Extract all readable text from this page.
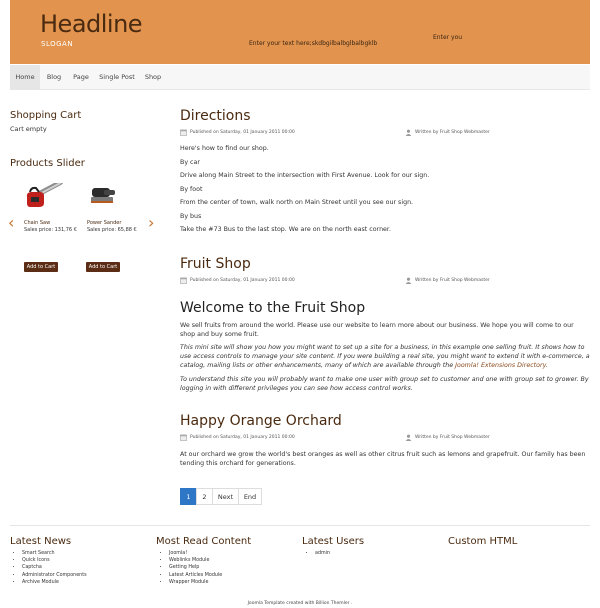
Headline
SLOGAN	Enter your text here;skdbgilbalbglbalbgklb
Enter you
Home	Blog	Page	Single Post	Shop
Shopping Cart
Cart empty
Products Slider
‹	›
Chain Saw
Sales price: 131,76 €
Power Sander
Sales price: 65,88 €
Add to Cart	Add to Cart
Directions
Published on Saturday, 01 January 2011 00:00	Written by Fruit Shop Webmaster
Here's how to find our shop.
By car
Drive along Main Street to the intersection with First Avenue. Look for our sign.
By foot
From the center of town, walk north on Main Street until you see our sign.
By bus
Take the #73 Bus to the last stop. We are on the north east corner.
Fruit Shop
Published on Saturday, 01 January 2011 00:00	Written by Fruit Shop Webmaster
Welcome to the Fruit Shop
We sell fruits from around the world. Please use our website to learn more about our business. We hope you will come to our shop and buy some fruit.
This mini site will show you how you might want to set up a site for a business, in this example one selling fruit. It shows how to use access controls to manage your site content. If you were building a real site, you might want to extend it with e-commerce, a catalog, mailing lists or other enhancements, many of which are available through the Joomla! Extensions Directory.
To understand this site you will probably want to make one user with group set to customer and one with group set to grower. By logging in with different privileges you can see how access control works.
Happy Orange Orchard
Published on Saturday, 01 January 2011 00:00	Written by Fruit Shop Webmaster
At our orchard we grow the world's best oranges as well as other citrus fruit such as lemons and grapefruit. Our family has been tending this orchard for generations.
1	2	Next	End
Latest News
• Smart Search
• Quick Icons
• Captcha
• Administrator Components
• Archive Module
Most Read Content
• Joomla!
• Weblinks Module
• Getting Help
• Latest Articles Module
• Wrapper Module
Latest Users
• admin
Custom HTML
Joomla Template created with Billion Themler .
